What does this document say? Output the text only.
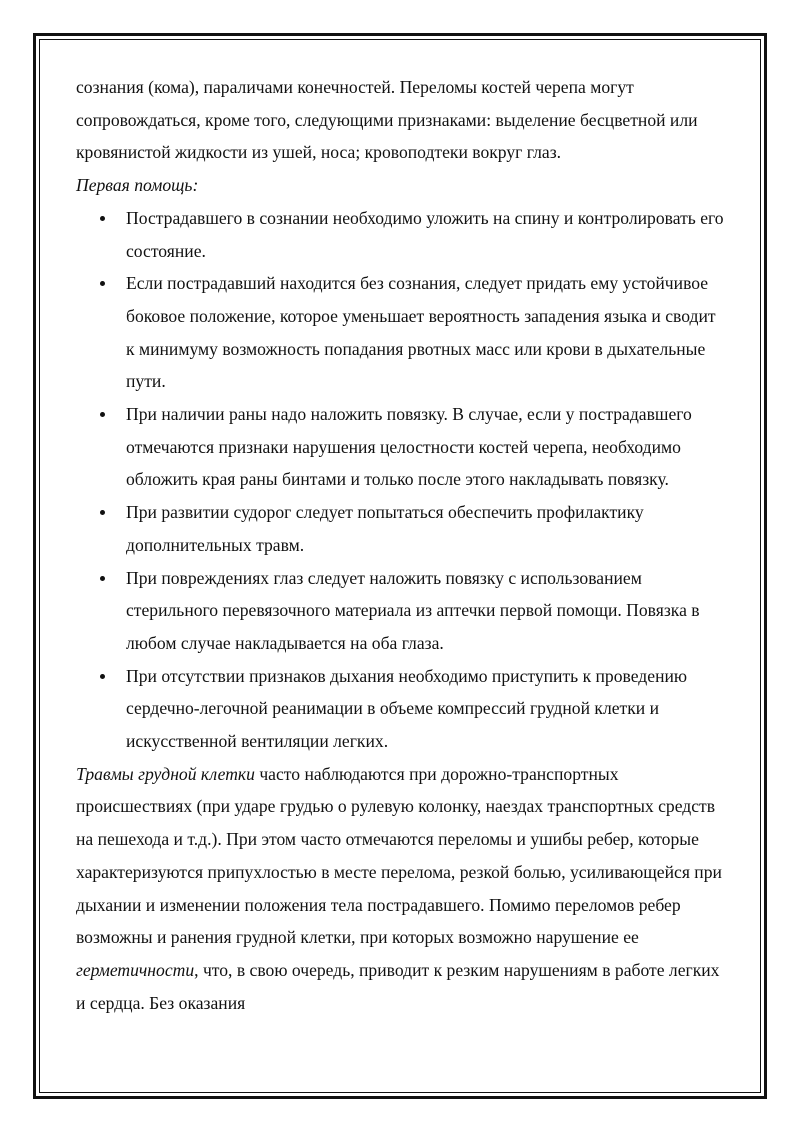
сознания (кома), параличами конечностей. Переломы костей черепа могут сопровождаться, кроме того, следующими признаками: выделение бесцветной или кровянистой жидкости из ушей, носа; кровоподтеки вокруг глаз.

Первая помощь:

Пострадавшего в сознании необходимо уложить на спину и контролировать его состояние.
Если пострадавший находится без сознания, следует придать ему устойчивое боковое положение, которое уменьшает вероятность западения языка и сводит к минимуму возможность попадания рвотных масс или крови в дыхательные пути.
При наличии раны надо наложить повязку. В случае, если у пострадавшего отмечаются признаки нарушения целостности костей черепа, необходимо обложить края раны бинтами и только после этого накладывать повязку.
При развитии судорог следует попытаться обеспечить профилактику дополнительных травм.
При повреждениях глаз следует наложить повязку с использованием стерильного перевязочного материала из аптечки первой помощи. Повязка в любом случае накладывается на оба глаза.
При отсутствии признаков дыхания необходимо приступить к проведению сердечно-легочной реанимации в объеме компрессий грудной клетки и искусственной вентиляции легких.

Травмы грудной клетки часто наблюдаются при дорожно-транспортных происшествиях (при ударе грудью о рулевую колонку, наездах транспортных средств на пешехода и т.д.). При этом часто отмечаются переломы и ушибы ребер, которые характеризуются припухлостью в месте перелома, резкой болью, усиливающейся при дыхании и изменении положения тела пострадавшего. Помимо переломов ребер возможны и ранения грудной клетки, при которых возможно нарушение ее герметичности, что, в свою очередь, приводит к резким нарушениям в работе легких и сердца. Без оказания
